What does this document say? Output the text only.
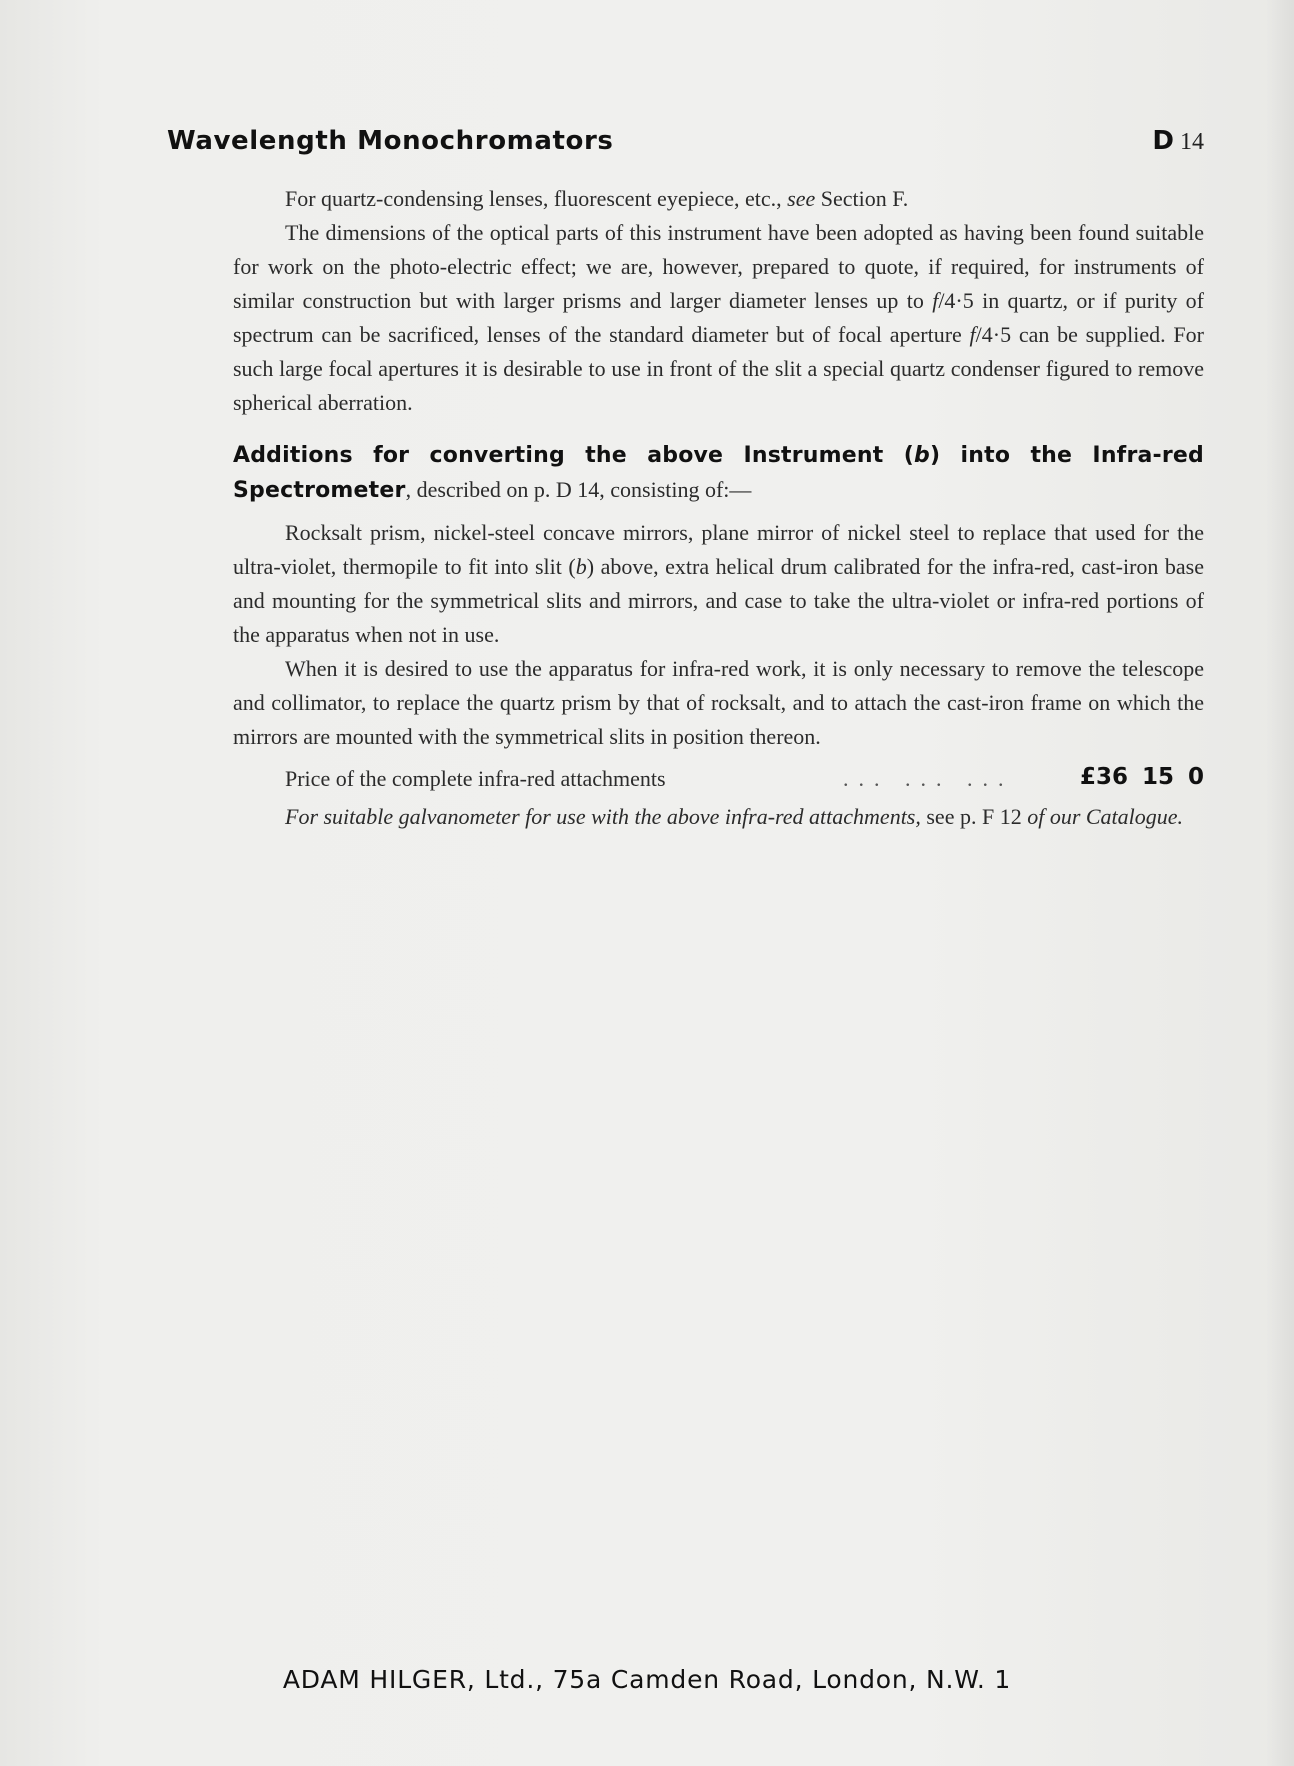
Wavelength Monochromators	D 14

For quartz-condensing lenses, fluorescent eyepiece, etc., see Section F.

The dimensions of the optical parts of this instrument have been adopted as having been found suitable for work on the photo-electric effect; we are, however, prepared to quote, if required, for instruments of similar construction but with larger prisms and larger diameter lenses up to f/4·5 in quartz, or if purity of spectrum can be sacrificed, lenses of the standard diameter but of focal aperture f/4·5 can be supplied. For such large focal apertures it is desirable to use in front of the slit a special quartz condenser figured to remove spherical aberration.

Additions for converting the above Instrument (b) into the Infra-red Spectrometer, described on p. D 14, consisting of:—

Rocksalt prism, nickel-steel concave mirrors, plane mirror of nickel steel to replace that used for the ultra-violet, thermopile to fit into slit (b) above, extra helical drum calibrated for the infra-red, cast-iron base and mounting for the symmetrical slits and mirrors, and case to take the ultra-violet or infra-red portions of the apparatus when not in use.

When it is desired to use the apparatus for infra-red work, it is only necessary to remove the telescope and collimator, to replace the quartz prism by that of rocksalt, and to attach the cast-iron frame on which the mirrors are mounted with the symmetrical slits in position thereon.

Price of the complete infra-red attachments	... ... ...	£36 15 0

For suitable galvanometer for use with the above infra-red attachments, see p. F 12 of our Catalogue.

ADAM HILGER, Ltd., 75a Camden Road, London, N.W. 1
